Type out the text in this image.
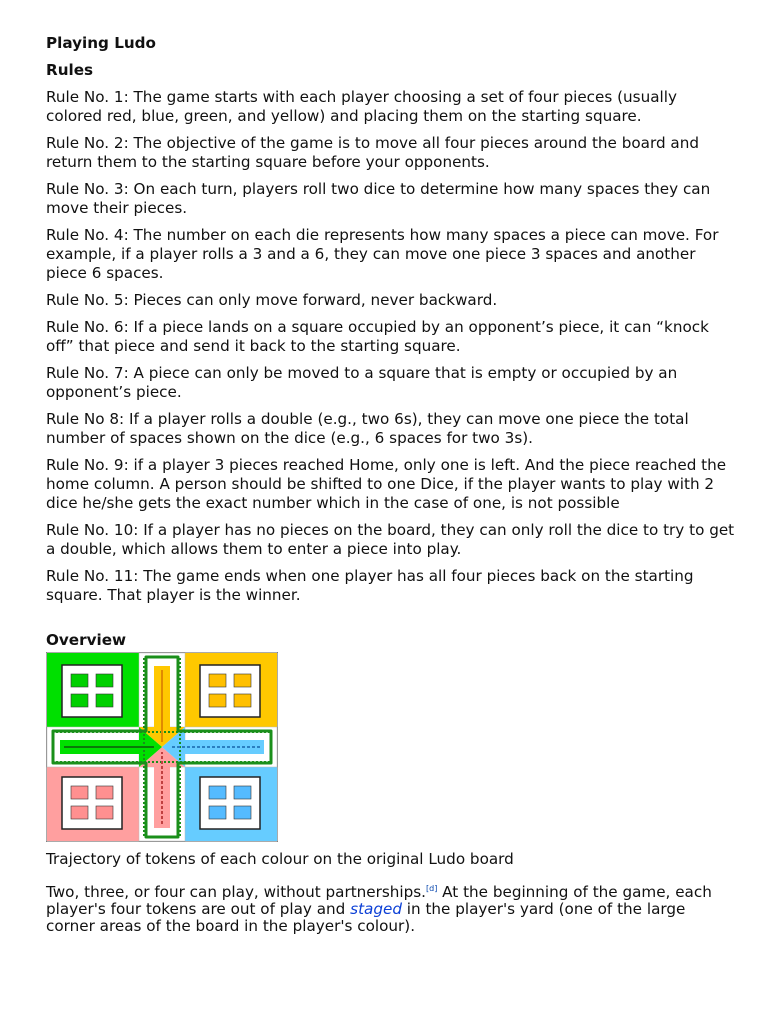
Playing Ludo

Rules

Rule No. 1: The game starts with each player choosing a set of four pieces (usually colored red, blue, green, and yellow) and placing them on the starting square.

Rule No. 2: The objective of the game is to move all four pieces around the board and return them to the starting square before your opponents.

Rule No. 3: On each turn, players roll two dice to determine how many spaces they can move their pieces.

Rule No. 4: The number on each die represents how many spaces a piece can move. For example, if a player rolls a 3 and a 6, they can move one piece 3 spaces and another piece 6 spaces.

Rule No. 5: Pieces can only move forward, never backward.

Rule No. 6: If a piece lands on a square occupied by an opponent’s piece, it can “knock off” that piece and send it back to the starting square.

Rule No. 7: A piece can only be moved to a square that is empty or occupied by an opponent’s piece.

Rule No 8: If a player rolls a double (e.g., two 6s), they can move one piece the total number of spaces shown on the dice (e.g., 6 spaces for two 3s).

Rule No. 9: if a player 3 pieces reached Home, only one is left. And the piece reached the home column. A person should be shifted to one Dice, if the player wants to play with 2 dice he/she gets the exact number which in the case of one, is not possible

Rule No. 10: If a player has no pieces on the board, they can only roll the dice to try to get a double, which allows them to enter a piece into play.

Rule No. 11: The game ends when one player has all four pieces back on the starting square. That player is the winner.

Overview

Trajectory of tokens of each colour on the original Ludo board

Two, three, or four can play, without partnerships.[d] At the beginning of the game, each player's four tokens are out of play and staged in the player's yard (one of the large corner areas of the board in the player's colour).
